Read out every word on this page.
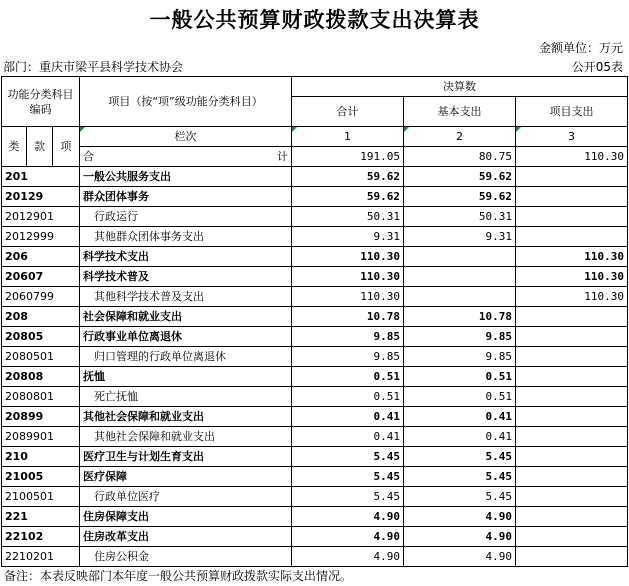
一般公共预算财政拨款支出决算表
金额单位：万元
部门：重庆市梁平县科学技术协会	公开05表
功能分类科目编码			项目（按“项”级功能分类科目）	决算数		
				合计	基本支出	项目支出
类	款	项	栏次	1	2	3

			合 计	191.05	80.75	110.30
201			一般公共服务支出	59.62	59.62	
20129			群众团体事务	59.62	59.62	
2012901			行政运行	50.31	50.31	
2012999			其他群众团体事务支出	9.31	9.31	
206			科学技术支出	110.30		110.30
20607			科学技术普及	110.30		110.30
2060799			其他科学技术普及支出	110.30		110.30
208			社会保障和就业支出	10.78	10.78	
20805			行政事业单位离退休	9.85	9.85	
2080501			归口管理的行政单位离退休	9.85	9.85	
20808			抚恤	0.51	0.51	
2080801			死亡抚恤	0.51	0.51	
20899			其他社会保障和就业支出	0.41	0.41	
2089901			其他社会保障和就业支出	0.41	0.41	
210			医疗卫生与计划生育支出	5.45	5.45	
21005			医疗保障	5.45	5.45	
2100501			行政单位医疗	5.45	5.45	
221			住房保障支出	4.90	4.90	
22102			住房改革支出	4.90	4.90	
2210201			住房公积金	4.90	4.90	
备注：本表反映部门本年度一般公共预算财政拨款实际支出情况。
